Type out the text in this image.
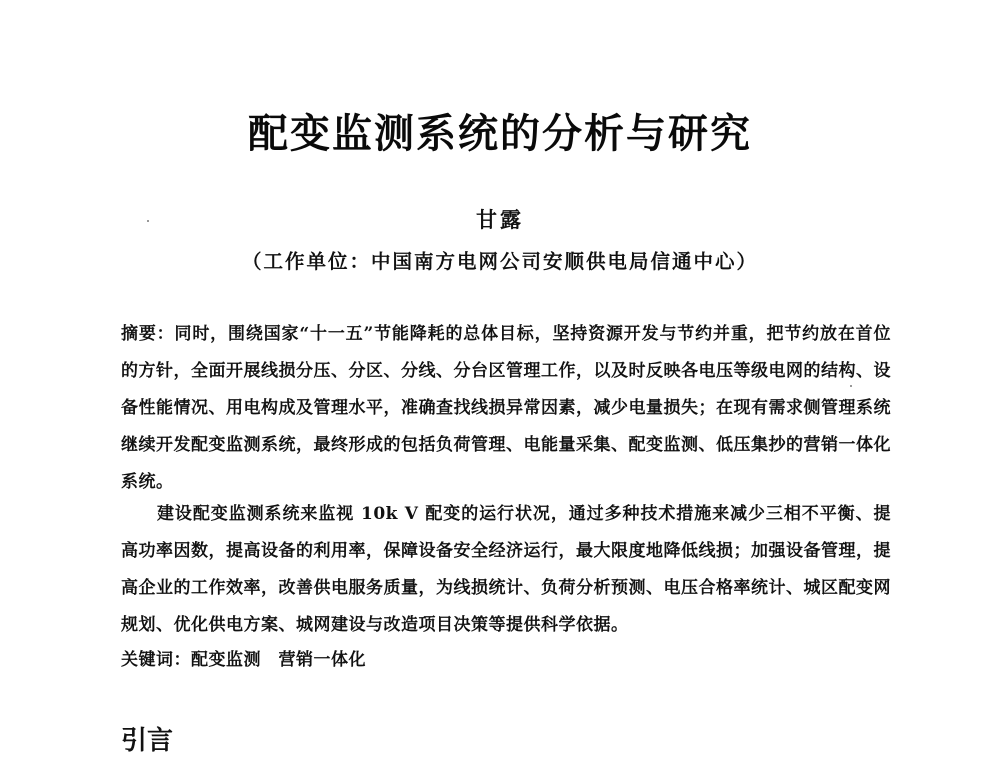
配变监测系统的分析与研究
甘露
（工作单位：中国南方电网公司安顺供电局信通中心）

摘要：同时，围绕国家“十一五”节能降耗的总体目标，坚持资源开发与节约并重，把节约放在首位的方针，全面开展线损分压、分区、分线、分台区管理工作，以及时反映各电压等级电网的结构、设备性能情况、用电构成及管理水平，准确查找线损异常因素，减少电量损失；在现有需求侧管理系统继续开发配变监测系统，最终形成的包括负荷管理、电能量采集、配变监测、低压集抄的营销一体化系统。

建设配变监测系统来监视 10k V 配变的运行状况，通过多种技术措施来减少三相不平衡、提高功率因数，提高设备的利用率，保障设备安全经济运行，最大限度地降低线损；加强设备管理，提高企业的工作效率，改善供电服务质量，为线损统计、负荷分析预测、电压合格率统计、城区配变网规划、优化供电方案、城网建设与改造项目决策等提供科学依据。

关键词：配变监测　营销一体化

引言
